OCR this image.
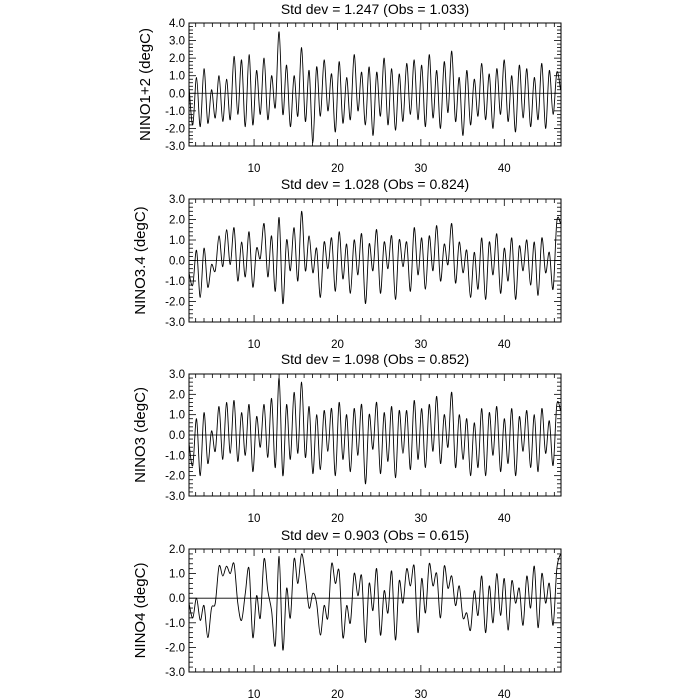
Std dev = 1.247 (Obs = 1.033)
NINO1+2 (degC)
-3.0
-2.0
-1.0
0.0
1.0
2.0
3.0
4.0
10	20	30	40
Std dev = 1.028 (Obs = 0.824)
NINO3.4 (degC)
-3.0
-2.0
-1.0
0.0
1.0
2.0
3.0
10	20	30	40
Std dev = 1.098 (Obs = 0.852)
NINO3 (degC)
-3.0
-2.0
-1.0
0.0
1.0
2.0
3.0
10	20	30	40
Std dev = 0.903 (Obs = 0.615)
NINO4 (degC)
-3.0
-2.0
-1.0
0.0
1.0
2.0
10	20	30	40
